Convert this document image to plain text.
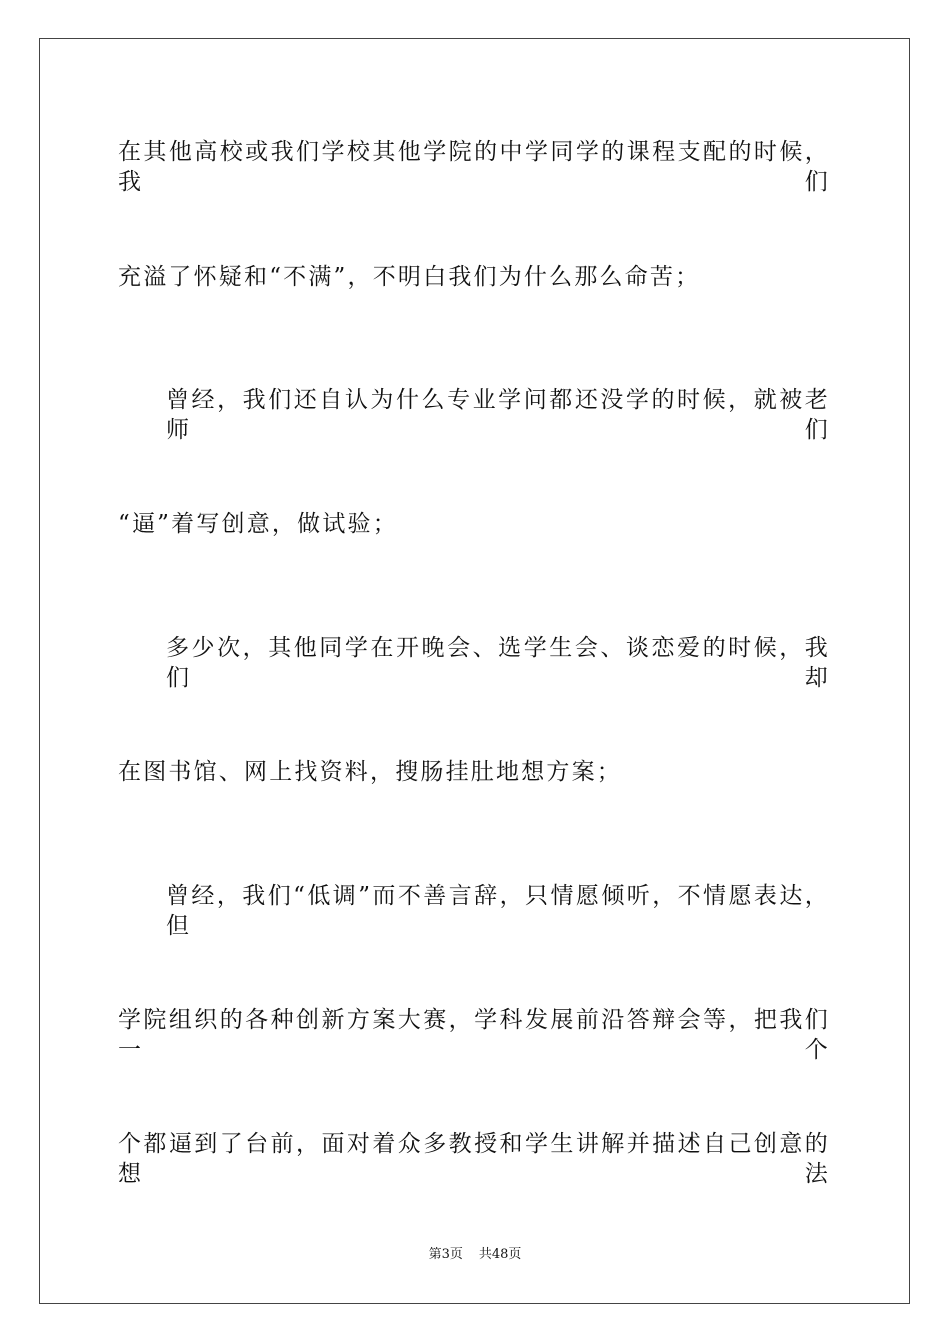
在其他高校或我们学校其他学院的中学同学的课程支配的时候，我们

充溢了怀疑和“不满”，不明白我们为什么那么命苦；

曾经，我们还自认为什么专业学问都还没学的时候，就被老师们

“逼”着写创意，做试验；

多少次，其他同学在开晚会、选学生会、谈恋爱的时候，我们却

在图书馆、网上找资料，搜肠挂肚地想方案；

曾经，我们“低调”而不善言辞，只情愿倾听，不情愿表达，但

学院组织的各种创新方案大赛，学科发展前沿答辩会等，把我们一个

个都逼到了台前，面对着众多教授和学生讲解并描述自己创意的想法

第3页 共48页
